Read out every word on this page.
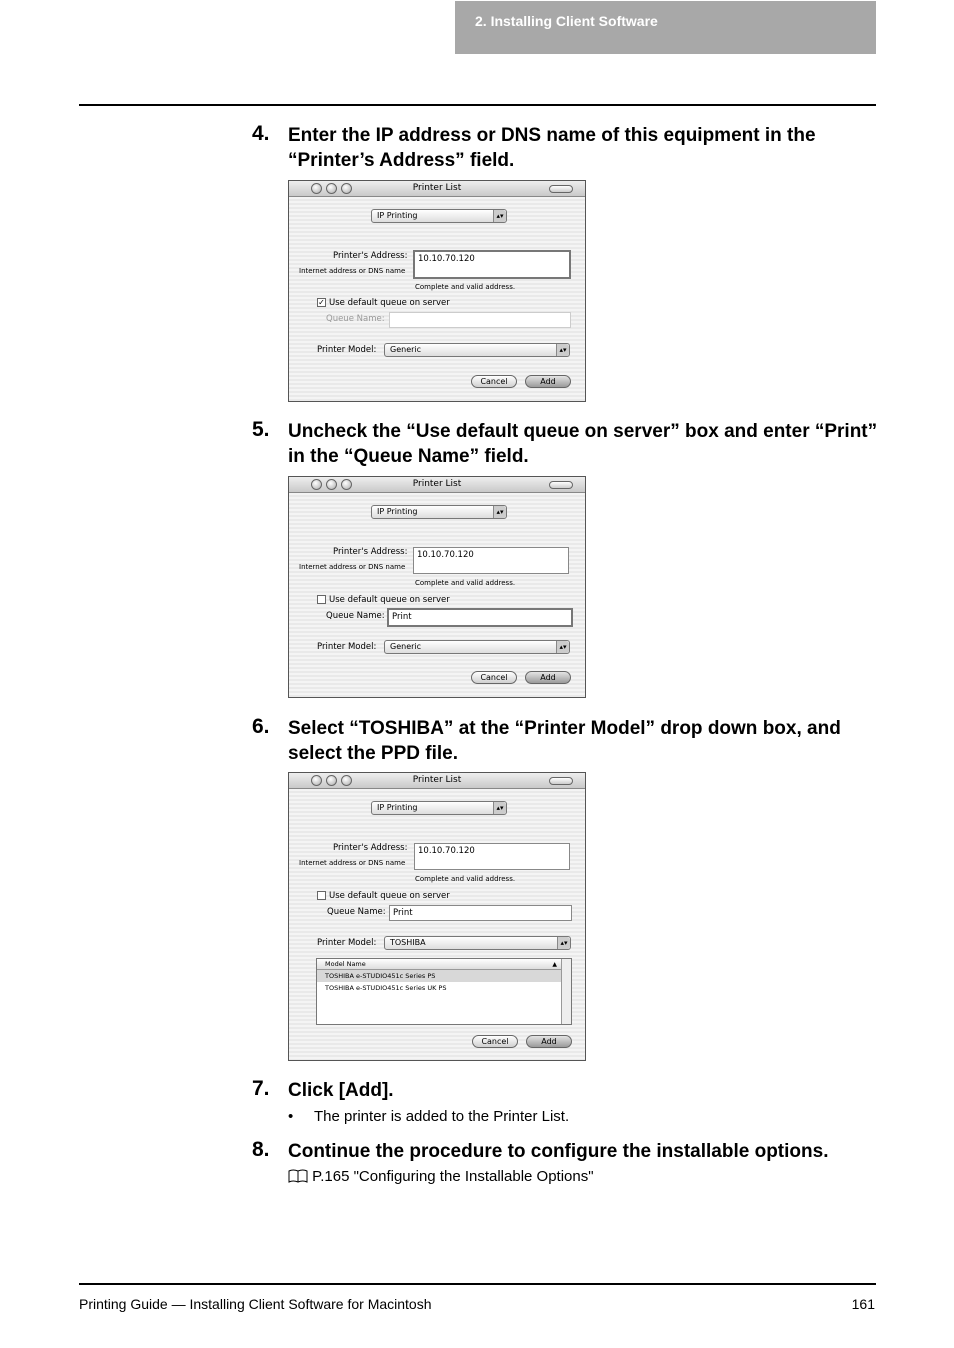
2. Installing Client Software
4. Enter the IP address or DNS name of this equipment in the “Printer’s Address” field.
Printer List
IP Printing	▴▾
Printer's Address:
Internet address or DNS name
10.10.70.120
Complete and valid address.
✓ Use default queue on server
Queue Name:
Printer Model:	Generic	▴▾
Cancel	Add
5. Uncheck the “Use default queue on server” box and enter “Print” in the “Queue Name” field.
Printer List
IP Printing	▴▾
Printer's Address:
Internet address or DNS name
10.10.70.120
Complete and valid address.
Use default queue on server
Queue Name: Print
Printer Model:	Generic	▴▾
Cancel	Add
6. Select “TOSHIBA” at the “Printer Model” drop down box, and select the PPD file.
Printer List
IP Printing	▴▾
Printer's Address:
Internet address or DNS name
10.10.70.120
Complete and valid address.
Use default queue on server
Queue Name: Print
Printer Model:	TOSHIBA	▴▾
Model Name	▲
TOSHIBA e-STUDIO451c Series PS
TOSHIBA e-STUDIO451c Series UK PS
Cancel	Add
7. Click [Add].
• The printer is added to the Printer List.
8. Continue the procedure to configure the installable options.
P.165 "Configuring the Installable Options"
Printing Guide — Installing Client Software for Macintosh	161
